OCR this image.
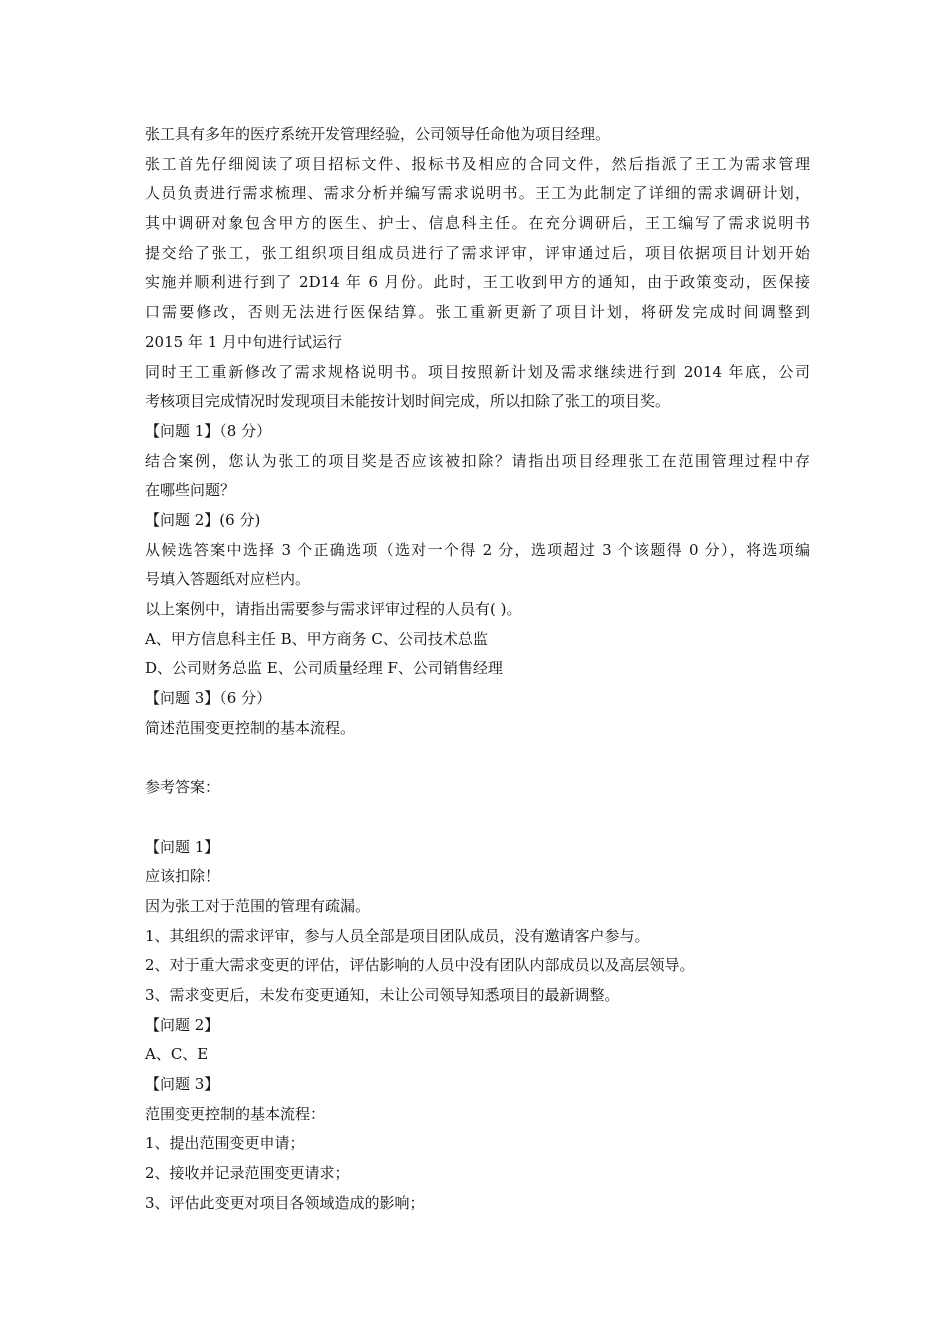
张工具有多年的医疗系统开发管理经验，公司领导任命他为项目经理。
张工首先仔细阅读了项目招标文件、报标书及相应的合同文件，然后指派了王工为需求管理
人员负责进行需求梳理、需求分析并编写需求说明书。王工为此制定了详细的需求调研计划，
其中调研对象包含甲方的医生、护士、信息科主任。在充分调研后，王工编写了需求说明书
提交给了张工，张工组织项目组成员进行了需求评审，评审通过后，项目依据项目计划开始
实施并顺利进行到了 2D14 年 6 月份。此时，王工收到甲方的通知，由于政策变动，医保接
口需要修改，否则无法进行医保结算。张工重新更新了项目计划，将研发完成时间调整到
2015 年 1 月中旬进行试运行
同时王工重新修改了需求规格说明书。项目按照新计划及需求继续进行到 2014 年底，公司
考核项目完成情况时发现项目未能按计划时间完成，所以扣除了张工的项目奖。
【问题 1】（8 分）
结合案例，您认为张工的项目奖是否应该被扣除？请指出项目经理张工在范围管理过程中存
在哪些问题？
【问题 2】(6 分)
从候选答案中选择 3 个正确选项（选对一个得 2 分，选项超过 3 个该题得 0 分），将选项编
号填入答题纸对应栏内。
以上案例中，请指出需要参与需求评审过程的人员有( )。
A、甲方信息科主任 B、甲方商务 C、公司技术总监
D、公司财务总监 E、公司质量经理 F、公司销售经理
【问题 3】（6 分）
简述范围变更控制的基本流程。
参考答案：
【问题 1】
应该扣除！
因为张工对于范围的管理有疏漏。
1、其组织的需求评审，参与人员全部是项目团队成员，没有邀请客户参与。
2、对于重大需求变更的评估，评估影响的人员中没有团队内部成员以及高层领导。
3、需求变更后，未发布变更通知，未让公司领导知悉项目的最新调整。
【问题 2】
A、C、E
【问题 3】
范围变更控制的基本流程：
1、提出范围变更申请；
2、接收并记录范围变更请求；
3、评估此变更对项目各领域造成的影响；
